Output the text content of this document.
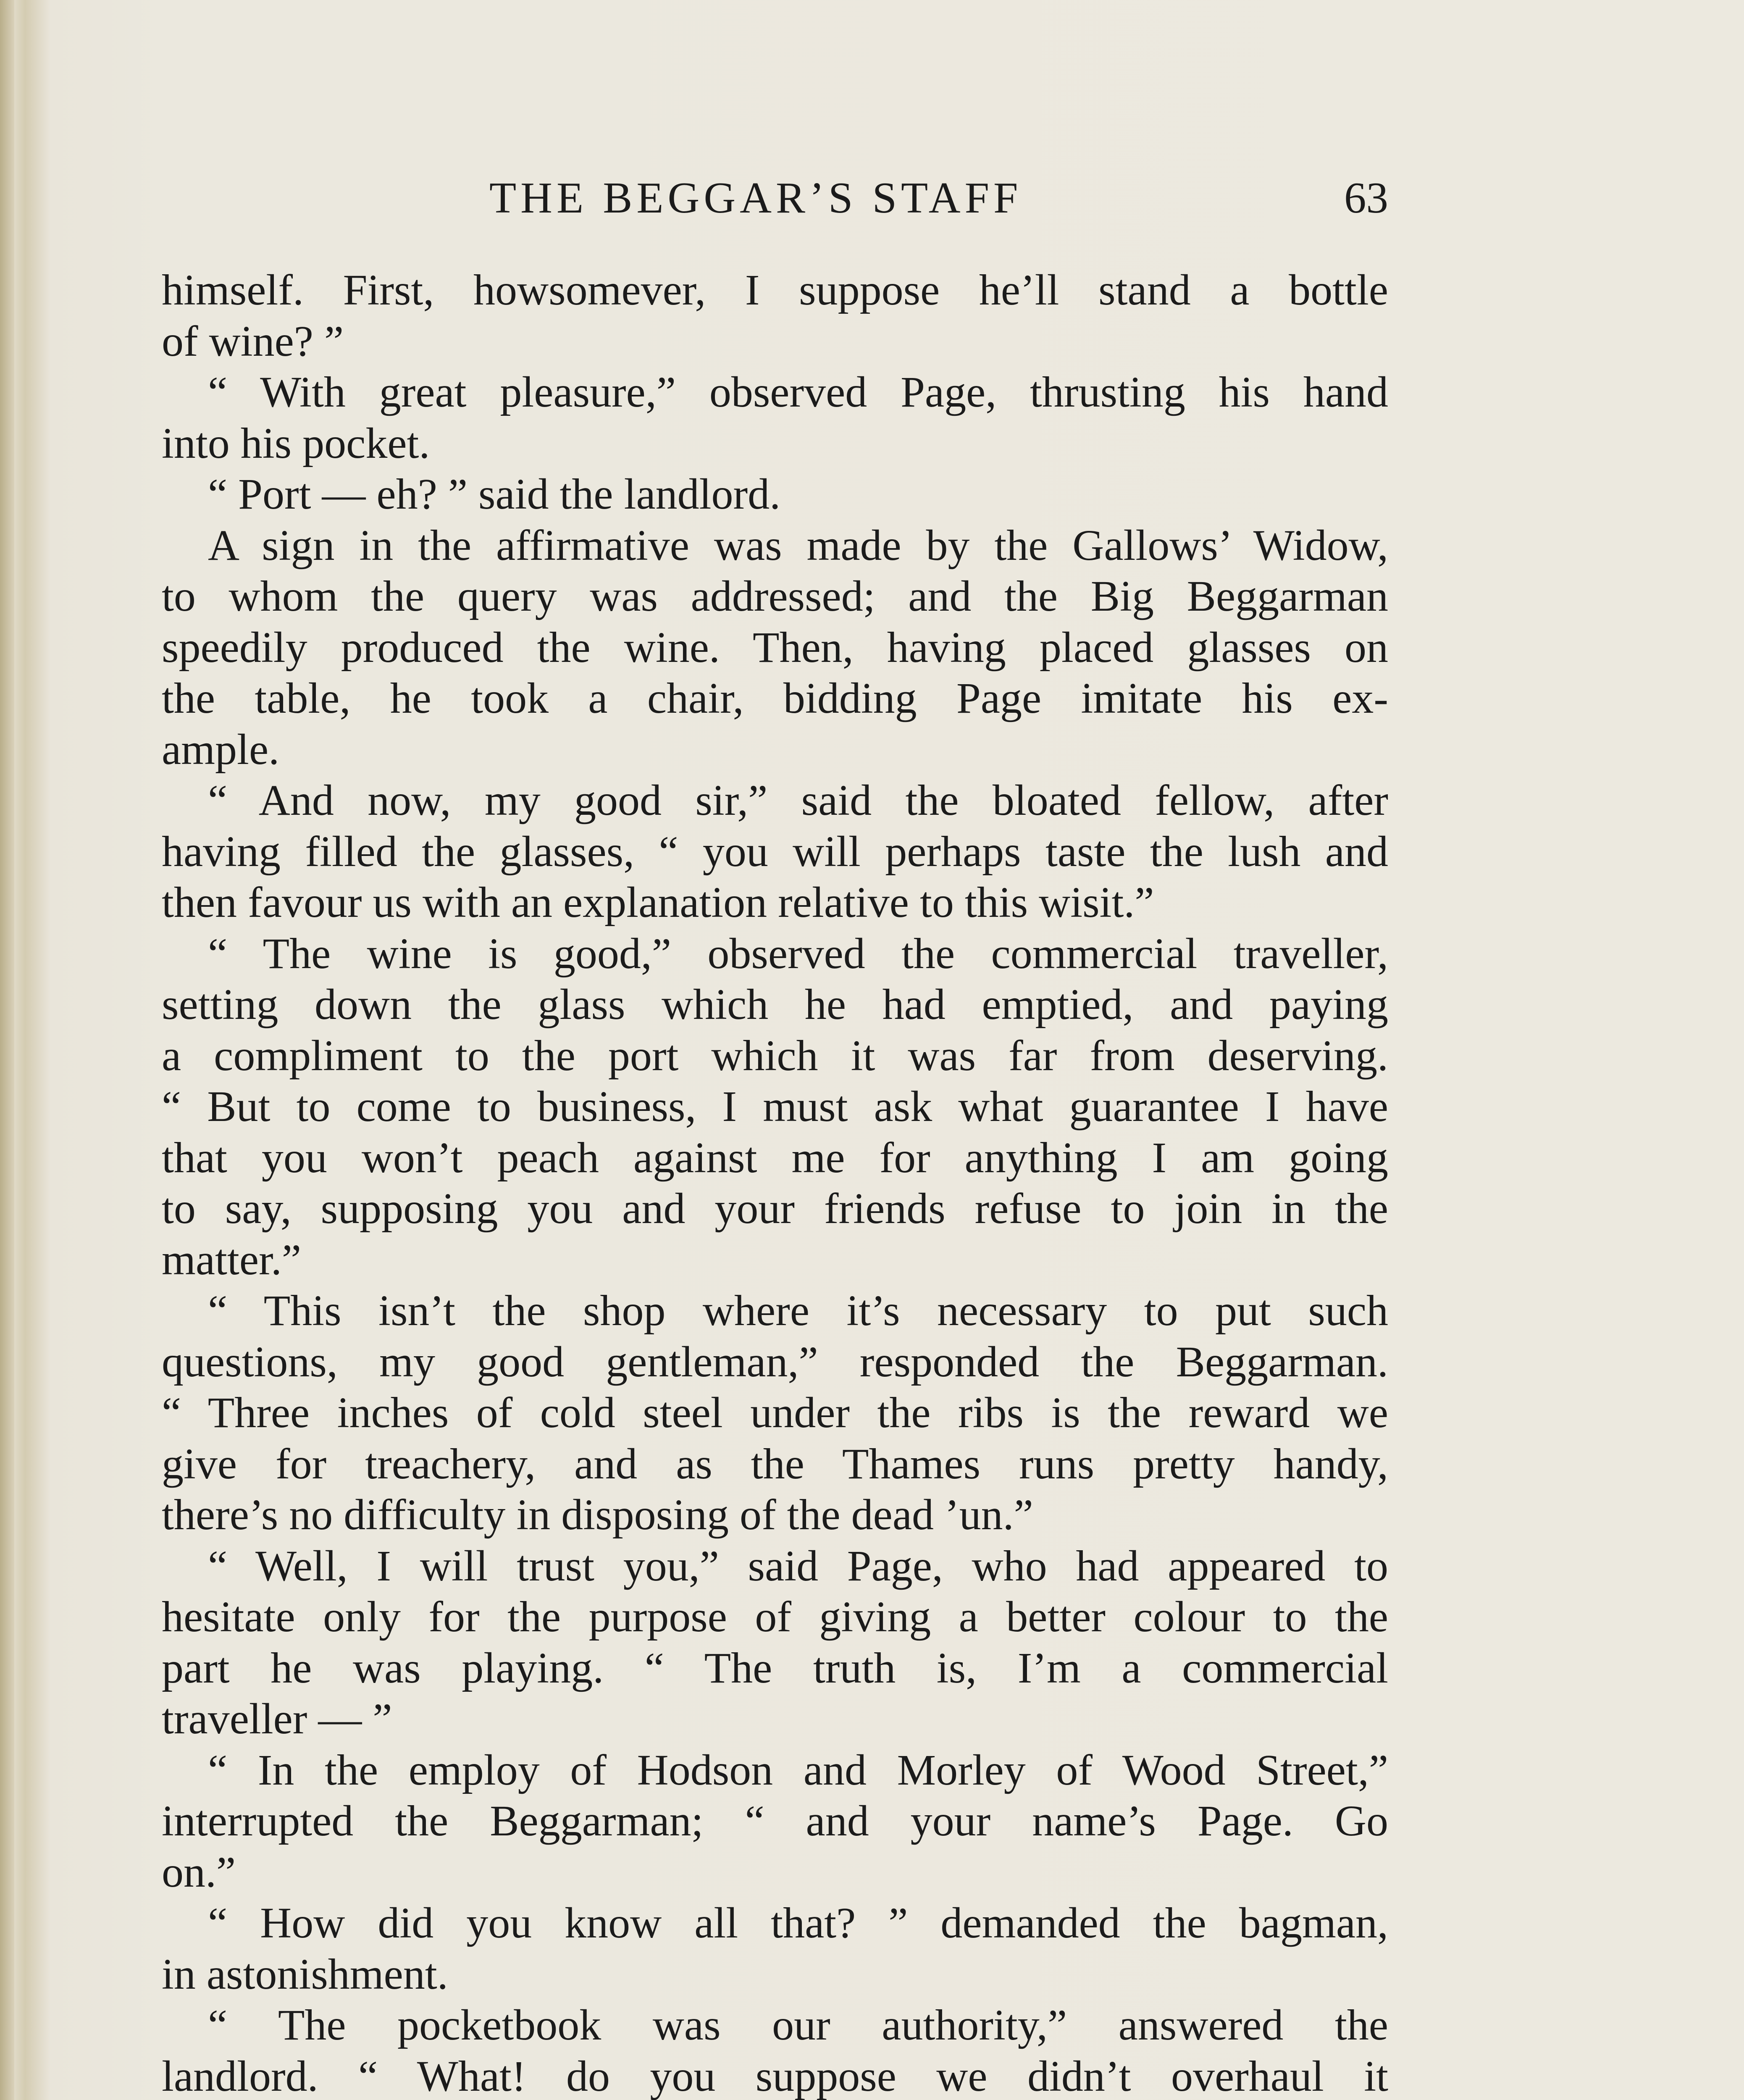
THE BEGGAR’S STAFF	63
himself. First, howsomever, I suppose he’ll stand a bottle
of wine? ”
“ With great pleasure,” observed Page, thrusting his hand
into his pocket.
“ Port — eh? ” said the landlord.
A sign in the affirmative was made by the Gallows’ Widow,
to whom the query was addressed; and the Big Beggarman
speedily produced the wine. Then, having placed glasses on
the table, he took a chair, bidding Page imitate his ex-
ample.
“ And now, my good sir,” said the bloated fellow, after
having filled the glasses, “ you will perhaps taste the lush and
then favour us with an explanation relative to this wisit.”
“ The wine is good,” observed the commercial traveller,
setting down the glass which he had emptied, and paying
a compliment to the port which it was far from deserving.
“ But to come to business, I must ask what guarantee I have
that you won’t peach against me for anything I am going
to say, supposing you and your friends refuse to join in the
matter.”
“ This isn’t the shop where it’s necessary to put such
questions, my good gentleman,” responded the Beggarman.
“ Three inches of cold steel under the ribs is the reward we
give for treachery, and as the Thames runs pretty handy,
there’s no difficulty in disposing of the dead ’un.”
“ Well, I will trust you,” said Page, who had appeared to
hesitate only for the purpose of giving a better colour to the
part he was playing. “ The truth is, I’m a commercial
traveller — ”
“ In the employ of Hodson and Morley of Wood Street,”
interrupted the Beggarman; “ and your name’s Page. Go
on.”
“ How did you know all that? ” demanded the bagman,
in astonishment.
“ The pocketbook was our authority,” answered the
landlord. “ What! do you suppose we didn’t overhaul it
